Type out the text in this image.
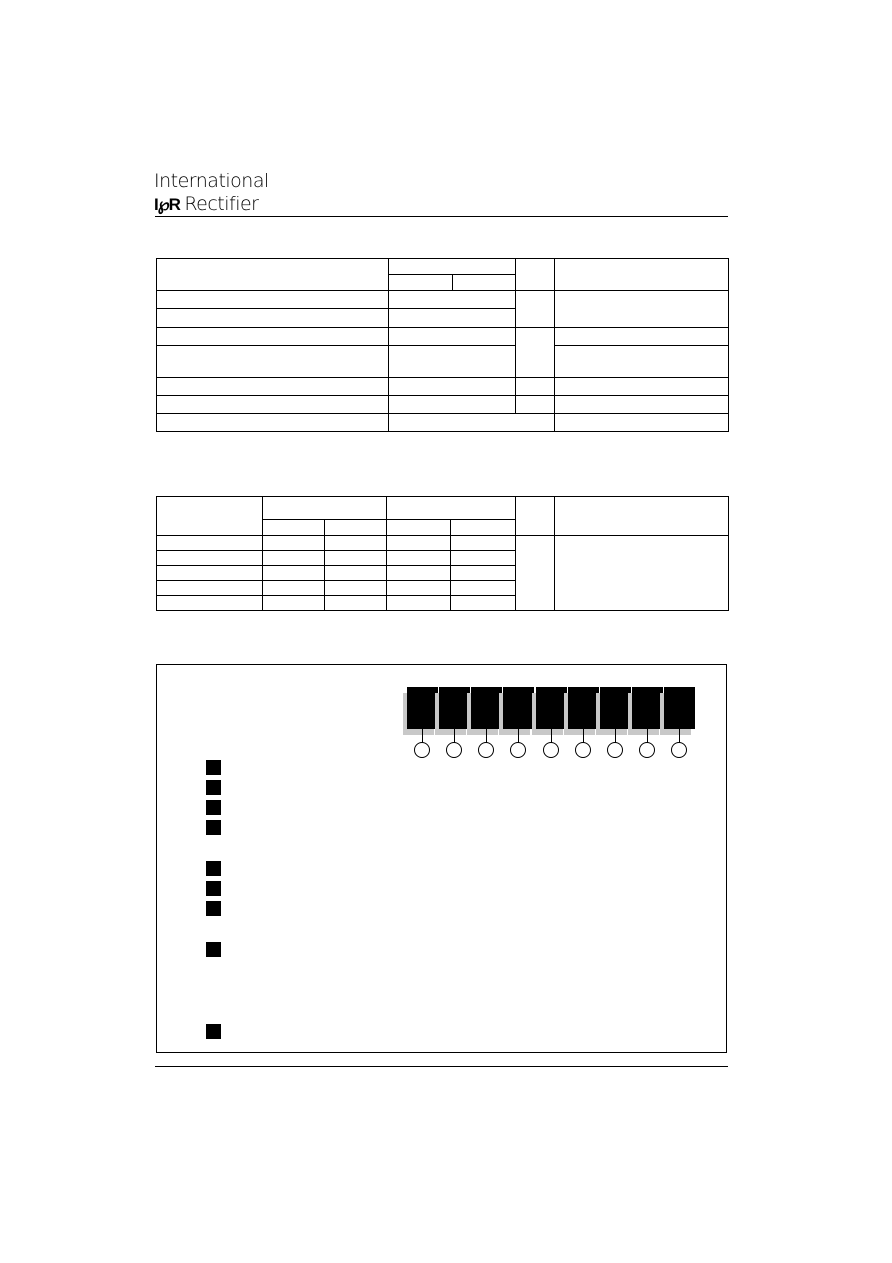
International
I℘R Rectifier
